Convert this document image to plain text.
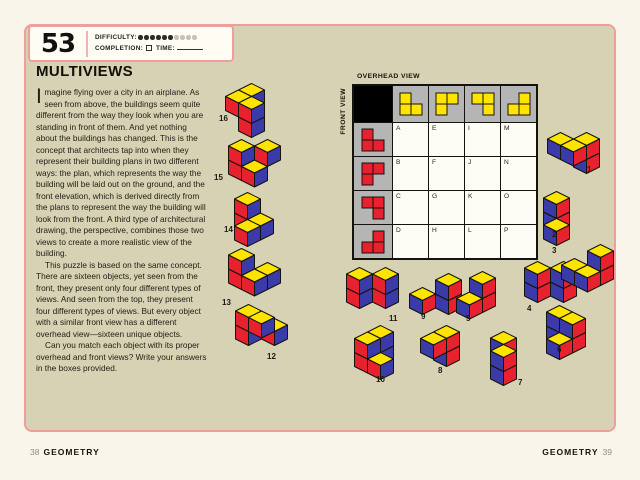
53	DIFFICULTY:
COMPLETION: TIME:
MULTIVIEWS

Imagine flying over a city in an airplane. As seen from above, the buildings seem quite different from the way they look when you are standing in front of them. And yet nothing about the buildings has changed. This is the concept that architects tap into when they represent their building plans in two different ways: the plan, which represents the way the building will be laid out on the ground, and the front elevation, which is derived directly from the plans to represent the way the building will look from the front. A third type of architectural drawing, the perspective, combines those two views to create a more realistic view of the building.

This puzzle is based on the same concept. There are sixteen objects, yet seen from the front, they present only four different types of views. And seen from the top, they present four different types of views. But every object with a similar front view has a different overhead view—sixteen unique objects.

Can you match each object with its proper overhead and front views? Write your answers in the boxes provided.

OVERHEAD VIEW
FRONT VIEW	A	E	I	M
B	F	J	N
C	G	K	O
D	H	L	P
16
15
14
13
12
11
10
9
8
7
6
5
4
3
2
1
38 GEOMETRY	GEOMETRY 39
